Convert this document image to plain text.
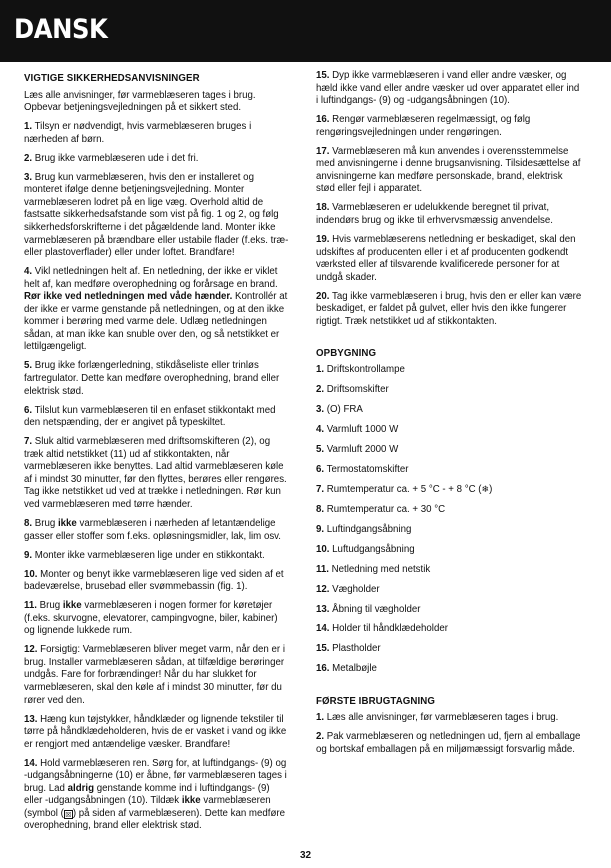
DANSK
VIGTIGE SIKKERHEDSANVISNINGER

Læs alle anvisninger, før varmeblæseren tages i brug. Opbevar betjeningsvejledningen på et sikkert sted.

1. Tilsyn er nødvendigt, hvis varmeblæseren bruges i nærheden af børn.

2. Brug ikke varmeblæseren ude i det fri.

3. Brug kun varmeblæseren, hvis den er installeret og monteret ifølge denne betjeningsvejledning. Monter varmeblæseren lodret på en lige væg. Overhold altid de fastsatte sikkerhedsafstande som vist på fig. 1 og 2, og følg sikkerhedsforskrifterne i det pågældende land. Monter ikke varmeblæseren på brændbare eller ustabile flader (f.eks. træ- eller plastoverflader) eller under loftet. Brandfare!

4. Vikl netledningen helt af. En netledning, der ikke er viklet helt af, kan medføre overophedning og forårsage en brand. Rør ikke ved netledningen med våde hænder. Kontrollér at der ikke er varme genstande på netledningen, og at den ikke kommer i berøring med varme dele. Udlæg netledningen sådan, at man ikke kan snuble over den, og så netstikket er lettilgængeligt.

5. Brug ikke forlængerledning, stikdåseliste eller trinløs fartregulator. Dette kan medføre overophedning, brand eller elektrisk stød.

6. Tilslut kun varmeblæseren til en enfaset stikkontakt med den netspænding, der er angivet på typeskiltet.

7. Sluk altid varmeblæseren med driftsomskifteren (2), og træk altid netstikket (11) ud af stikkontakten, når varmeblæseren ikke benyttes. Lad altid varmeblæseren køle af i mindst 30 minutter, før den flyttes, berøres eller rengøres. Tag ikke netstikket ud ved at trække i netledningen. Rør kun ved varmeblæseren med tørre hænder.

8. Brug ikke varmeblæseren i nærheden af letantændelige gasser eller stoffer som f.eks. opløsningsmidler, lak, lim osv.

9. Monter ikke varmeblæseren lige under en stikkontakt.

10. Monter og benyt ikke varmeblæseren lige ved siden af et badeværelse, brusebad eller svømmebassin (fig. 1).

11. Brug ikke varmeblæseren i nogen former for køretøjer (f.eks. skurvogne, elevatorer, campingvogne, biler, kabiner) og lignende lukkede rum.

12. Forsigtig: Varmeblæseren bliver meget varm, når den er i brug. Installer varmeblæseren sådan, at tilfældige berøringer undgås. Fare for forbrændinger! Når du har slukket for varmeblæseren, skal den køle af i mindst 30 minutter, før du rører ved den.

13. Hæng kun tøjstykker, håndklæder og lignende tekstiler til tørre på håndklædeholderen, hvis de er vasket i vand og ikke er rengjort med antændelige væsker. Brandfare!

14. Hold varmeblæseren ren. Sørg for, at luftindgangs- (9) og -udgangsåbningerne (10) er åbne, før varmeblæseren tages i brug. Lad aldrig genstande komme ind i luftindgangs- (9) eller -udgangsåbningen (10). Tildæk ikke varmeblæseren (symbol (☒) på siden af varmeblæseren). Dette kan medføre overophedning, brand eller elektrisk stød.

15. Dyp ikke varmeblæseren i vand eller andre væsker, og hæld ikke vand eller andre væsker ud over apparatet eller ind i luftindgangs- (9) og -udgangsåbningen (10).

16. Rengør varmeblæseren regelmæssigt, og følg rengøringsvejledningen under rengøringen.

17. Varmeblæseren må kun anvendes i overensstemmelse med anvisningerne i denne brugsanvisning. Tilsidesættelse af anvisningerne kan medføre personskade, brand, elektrisk stød eller fejl i apparatet.

18. Varmeblæseren er udelukkende beregnet til privat, indendørs brug og ikke til erhvervsmæssig anvendelse.

19. Hvis varmeblæserens netledning er beskadiget, skal den udskiftes af producenten eller i et af producenten godkendt værksted eller af tilsvarende kvalificerede personer for at undgå skader.

20. Tag ikke varmeblæseren i brug, hvis den er eller kan være beskadiget, er faldet på gulvet, eller hvis den ikke fungerer rigtigt. Træk netstikket ud af stikkontakten.

OPBYGNING
1. Driftskontrollampe
2. Driftsomskifter
3. (O) FRA
4. Varmluft 1000 W
5. Varmluft 2000 W
6. Termostatomskifter
7. Rumtemperatur ca. + 5 °C - + 8 °C (❄)
8. Rumtemperatur ca. + 30 °C
9. Luftindgangsåbning
10. Luftudgangsåbning
11. Netledning med netstik
12. Vægholder
13. Åbning til vægholder
14. Holder til håndklædeholder
15. Plastholder
16. Metalbøjle
FØRSTE IBRUGTAGNING

1. Læs alle anvisninger, før varmeblæseren tages i brug.

2. Pak varmeblæseren og netledningen ud, fjern al emballage og bortskaf emballagen på en miljømæssigt forsvarlig måde.

32
